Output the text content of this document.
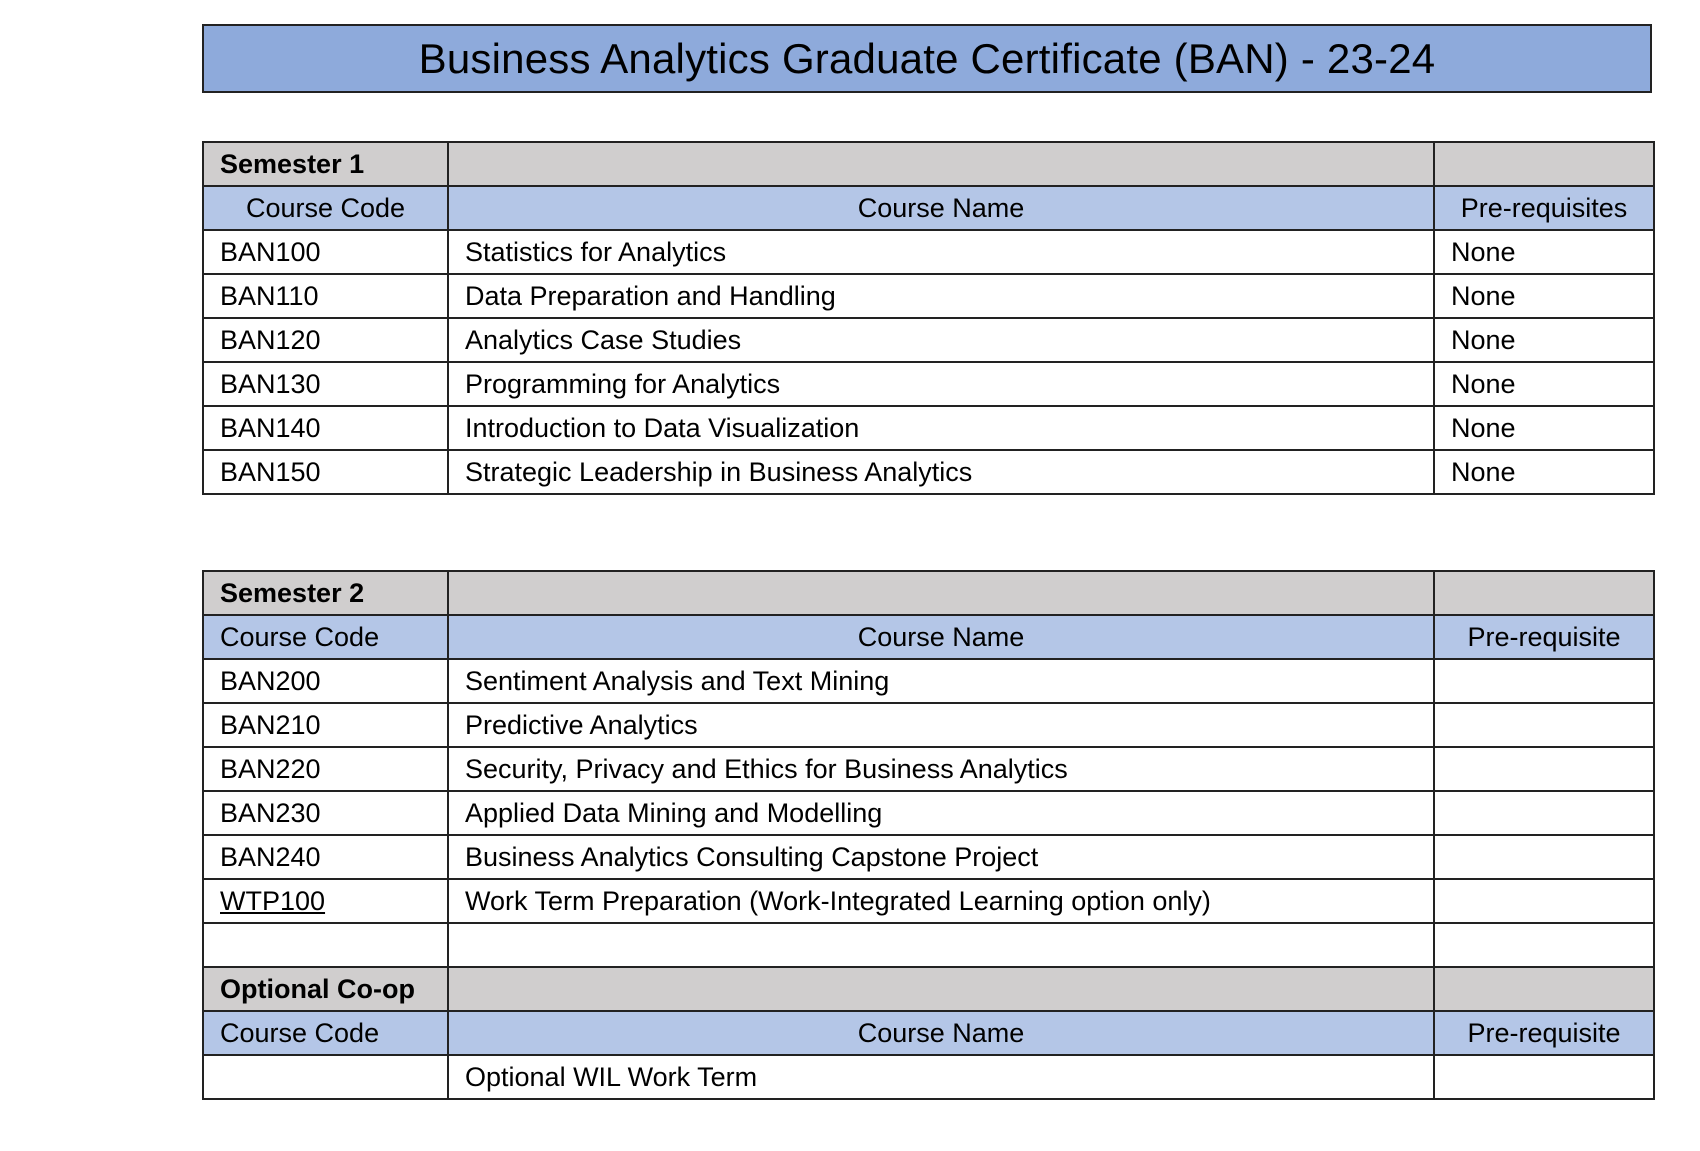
Business Analytics Graduate Certificate (BAN) - 23-24
Semester 1		
Course Code	Course Name	Pre-requisites
BAN100	Statistics for Analytics	None
BAN110	Data Preparation and Handling	None
BAN120	Analytics Case Studies	None
BAN130	Programming for Analytics	None
BAN140	Introduction to Data Visualization	None
BAN150	Strategic Leadership in Business Analytics	None
Semester 2		
Course Code	Course Name	Pre-requisite
BAN200	Sentiment Analysis and Text Mining	
BAN210	Predictive Analytics	
BAN220	Security, Privacy and Ethics for Business Analytics	
BAN230	Applied Data Mining and Modelling	
BAN240	Business Analytics Consulting Capstone Project	
WTP100	Work Term Preparation (Work-Integrated Learning option only)	

Optional Co-op		
Course Code	Course Name	Pre-requisite
	Optional WIL Work Term	
